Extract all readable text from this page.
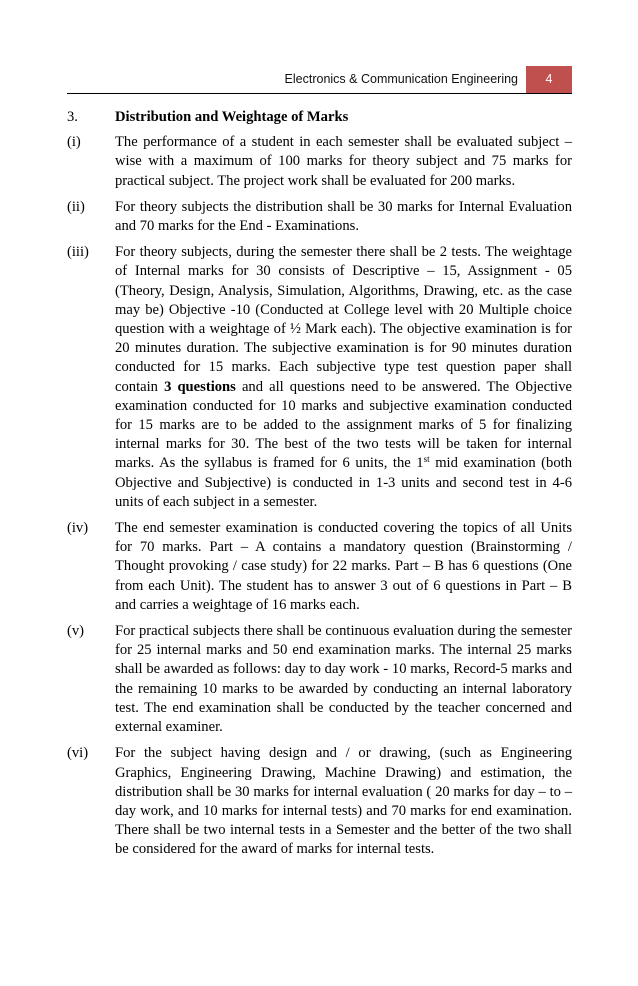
Electronics & Communication Engineering	4
3.	Distribution and Weightage of Marks
(i)	The performance of a student in each semester shall be evaluated subject – wise with a maximum of 100 marks for theory subject and 75 marks for practical subject. The project work shall be evaluated for 200 marks.
(ii)	For theory subjects the distribution shall be 30 marks for Internal Evaluation and 70 marks for the End - Examinations.
(iii)	For theory subjects, during the semester there shall be 2 tests. The weightage of Internal marks for 30 consists of Descriptive – 15, Assignment - 05 (Theory, Design, Analysis, Simulation, Algorithms, Drawing, etc. as the case may be) Objective -10 (Conducted at College level with 20 Multiple choice question with a weightage of ½ Mark each). The objective examination is for 20 minutes duration. The subjective examination is for 90 minutes duration conducted for 15 marks. Each subjective type test question paper shall contain 3 questions and all questions need to be answered. The Objective examination conducted for 10 marks and subjective examination conducted for 15 marks are to be added to the assignment marks of 5 for finalizing internal marks for 30. The best of the two tests will be taken for internal marks. As the syllabus is framed for 6 units, the 1st mid examination (both Objective and Subjective) is conducted in 1-3 units and second test in 4-6 units of each subject in a semester.
(iv)	The end semester examination is conducted covering the topics of all Units for 70 marks. Part – A contains a mandatory question (Brainstorming / Thought provoking / case study) for 22 marks. Part – B has 6 questions (One from each Unit). The student has to answer 3 out of 6 questions in Part – B and carries a weightage of 16 marks each.
(v)	For practical subjects there shall be continuous evaluation during the semester for 25 internal marks and 50 end examination marks. The internal 25 marks shall be awarded as follows: day to day work - 10 marks, Record-5 marks and the remaining 10 marks to be awarded by conducting an internal laboratory test. The end examination shall be conducted by the teacher concerned and external examiner.
(vi)	For the subject having design and / or drawing, (such as Engineering Graphics, Engineering Drawing, Machine Drawing) and estimation, the distribution shall be 30 marks for internal evaluation ( 20 marks for day – to – day work, and 10 marks for internal tests) and 70 marks for end examination. There shall be two internal tests in a Semester and the better of the two shall be considered for the award of marks for internal tests.
